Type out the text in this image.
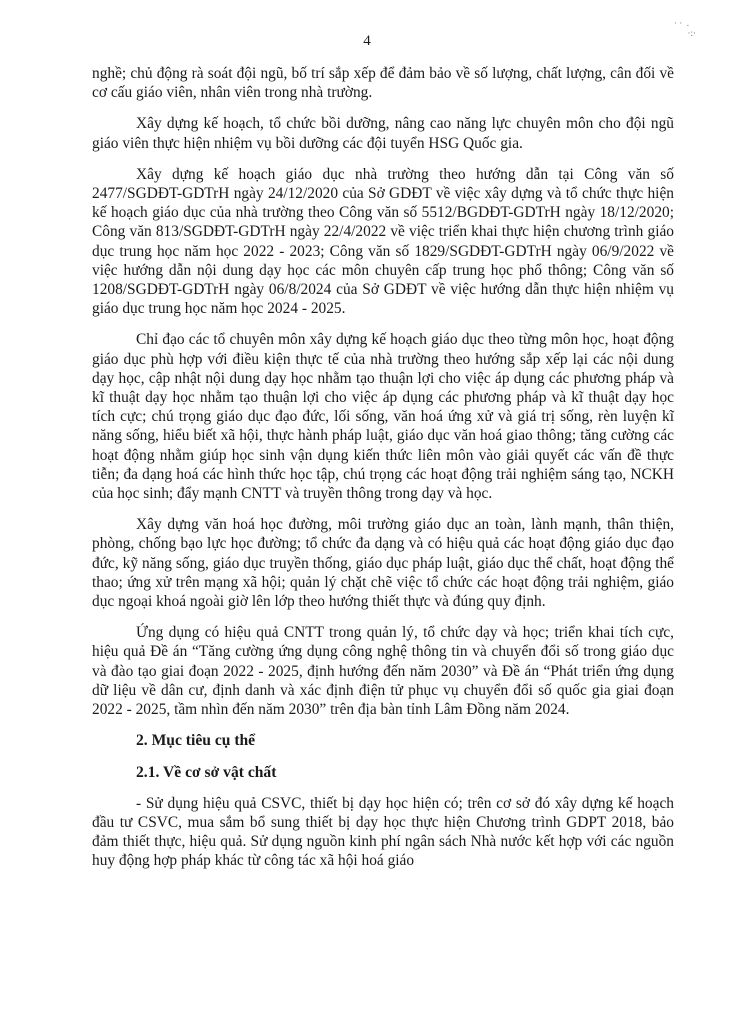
4
· ·  .
·:·

nghề; chủ động rà soát đội ngũ, bố trí sắp xếp để đảm bảo về số lượng, chất lượng, cân đối về cơ cấu giáo viên, nhân viên trong nhà trường.

Xây dựng kế hoạch, tổ chức bồi dưỡng, nâng cao năng lực chuyên môn cho đội ngũ giáo viên thực hiện nhiệm vụ bồi dưỡng các đội tuyển HSG Quốc gia.

Xây dựng kế hoạch giáo dục nhà trường theo hướng dẫn tại Công văn số 2477/SGDĐT-GDTrH ngày 24/12/2020 của Sở GDĐT về việc xây dựng và tổ chức thực hiện kế hoạch giáo dục của nhà trường theo Công văn số 5512/BGDĐT-GDTrH ngày 18/12/2020; Công văn 813/SGDĐT-GDTrH ngày 22/4/2022 về việc triển khai thực hiện chương trình giáo dục trung học năm học 2022 - 2023; Công văn số 1829/SGDĐT-GDTrH ngày 06/9/2022 về việc hướng dẫn nội dung dạy học các môn chuyên cấp trung học phổ thông; Công văn số 1208/SGDĐT-GDTrH ngày 06/8/2024 của Sở GDĐT về việc hướng dẫn thực hiện nhiệm vụ giáo dục trung học năm học 2024 - 2025.

Chỉ đạo các tổ chuyên môn xây dựng kế hoạch giáo dục theo từng môn học, hoạt động giáo dục phù hợp với điều kiện thực tế của nhà trường theo hướng sắp xếp lại các nội dung dạy học, cập nhật nội dung dạy học nhằm tạo thuận lợi cho việc áp dụng các phương pháp và kĩ thuật dạy học nhằm tạo thuận lợi cho việc áp dụng các phương pháp và kĩ thuật dạy học tích cực; chú trọng giáo dục đạo đức, lối sống, văn hoá ứng xử và giá trị sống, rèn luyện kĩ năng sống, hiểu biết xã hội, thực hành pháp luật, giáo dục văn hoá giao thông; tăng cường các hoạt động nhằm giúp học sinh vận dụng kiến thức liên môn vào giải quyết các vấn đề thực tiễn; đa dạng hoá các hình thức học tập, chú trọng các hoạt động trải nghiệm sáng tạo, NCKH của học sinh; đẩy mạnh CNTT và truyền thông trong dạy và học.

Xây dựng văn hoá học đường, môi trường giáo dục an toàn, lành mạnh, thân thiện, phòng, chống bạo lực học đường; tổ chức đa dạng và có hiệu quả các hoạt động giáo dục đạo đức, kỹ năng sống, giáo dục truyền thống, giáo dục pháp luật, giáo dục thể chất, hoạt động thể thao; ứng xử trên mạng xã hội; quản lý chặt chẽ việc tổ chức các hoạt động trải nghiệm, giáo dục ngoại khoá ngoài giờ lên lớp theo hướng thiết thực và đúng quy định.

Ứng dụng có hiệu quả CNTT trong quản lý, tổ chức dạy và học; triển khai tích cực, hiệu quả Đề án “Tăng cường ứng dụng công nghệ thông tin và chuyển đổi số trong giáo dục và đào tạo giai đoạn 2022 - 2025, định hướng đến năm 2030” và Đề án “Phát triển ứng dụng dữ liệu về dân cư, định danh và xác định điện tử phục vụ chuyển đổi số quốc gia giai đoạn 2022 - 2025, tầm nhìn đến năm 2030” trên địa bàn tỉnh Lâm Đồng năm 2024.

2. Mục tiêu cụ thể
2.1. Về cơ sở vật chất

- Sử dụng hiệu quả CSVC, thiết bị dạy học hiện có; trên cơ sở đó xây dựng kế hoạch đầu tư CSVC, mua sắm bổ sung thiết bị dạy học thực hiện Chương trình GDPT 2018, bảo đảm thiết thực, hiệu quả. Sử dụng nguồn kinh phí ngân sách Nhà nước kết hợp với các nguồn huy động hợp pháp khác từ công tác xã hội hoá giáo
